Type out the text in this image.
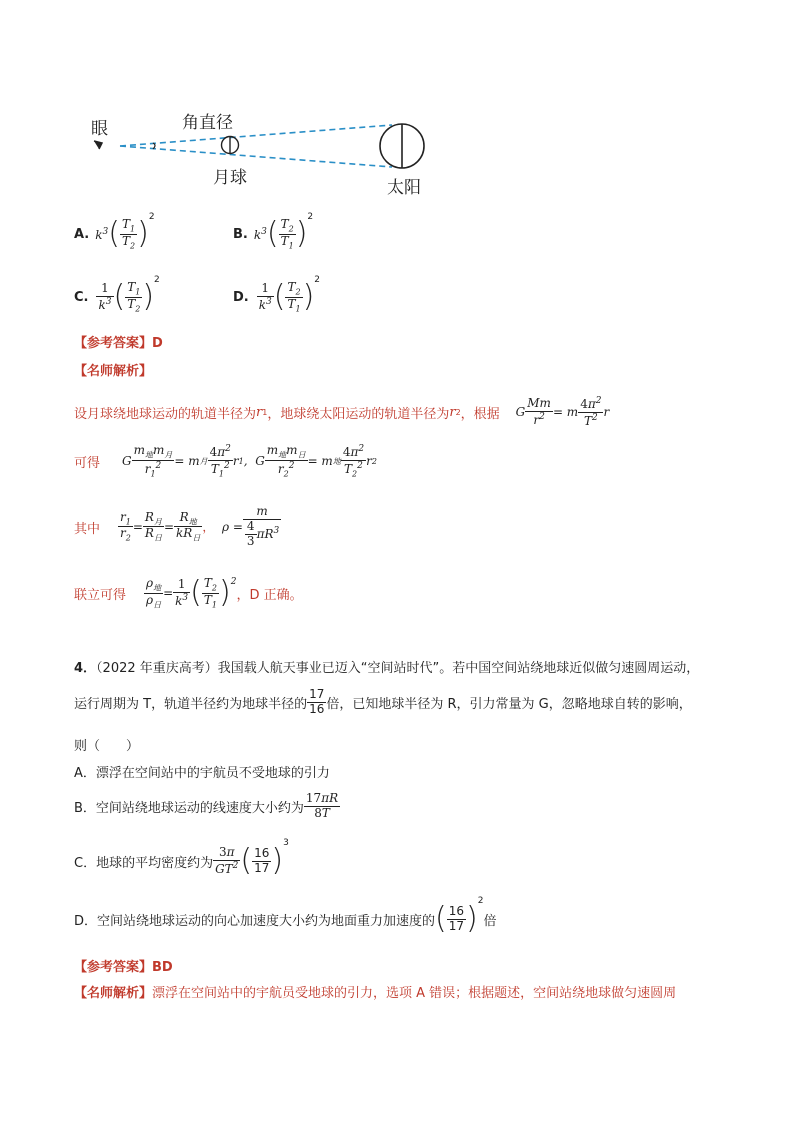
眼	角直径
月球	太阳
A. $k^3$ ( $\frac{T_1}{T_2}$ ) 2
B. $k^3$ ( $\frac{T_2}{T_1}$ ) 2
C. $\frac{1}{k^3}$ ( $\frac{T_1}{T_2}$ ) 2
D. $\frac{1}{k^3}$ ( $\frac{T_2}{T_1}$ ) 2
【参考答案】D
【名师解析】
设月球绕地球运动的轨道半径为 r 1 ，地球绕太阳运动的轨道半径为 r 2 ，根据 G $\frac{Mm}{r^2} = m \frac{4\pi^2}{T^2}$ r
可得 G $\frac{m_地m_月}{r_1^2} = m$ 月 $\frac{4\pi^2}{T_1^2}$ r 1 ,  G $\frac{m_地m_日}{r_2^2} = m$ 地 $\frac{4\pi^2}{T_2^2}$ r 2
其中 $\frac{r_1}{r_2} = \frac{R_月}{R_日} = \frac{R_地}{kR_日}$ ， $\rho = \frac{m}{\frac{4}{3} \pi R^3}$
联立可得 $\frac{\rho_地}{\rho_日} = \frac{1}{k^3}$ ( $\frac{T_2}{T_1}$ ) 2
，D 正确。
4．（2022 年重庆高考）我国载人航天事业已迈入“空间站时代”。若中国空间站绕地球近似做匀速圆周运动，
运行周期为 T，轨道半径约为地球半径的 $\frac{17}{16}$ 倍，已知地球半径为 R，引力常量为 G，忽略地球自转的影响，
则（　　）
A．漂浮在空间站中的宇航员不受地球的引力
B．空间站绕地球运动的线速度大小约为 $\frac{17\pi R}{8T}$
C．地球的平均密度约为 $\frac{3\pi}{GT^2}$ ( $\frac{16}{17}$ ) 3
D．空间站绕地球运动的向心加速度大小约为地面重力加速度的 ( $\frac{16}{17}$ ) 2
倍
【参考答案】BD
【名师解析】漂浮在空间站中的宇航员受地球的引力，选项 A 错误；根据题述，空间站绕地球做匀速圆周
